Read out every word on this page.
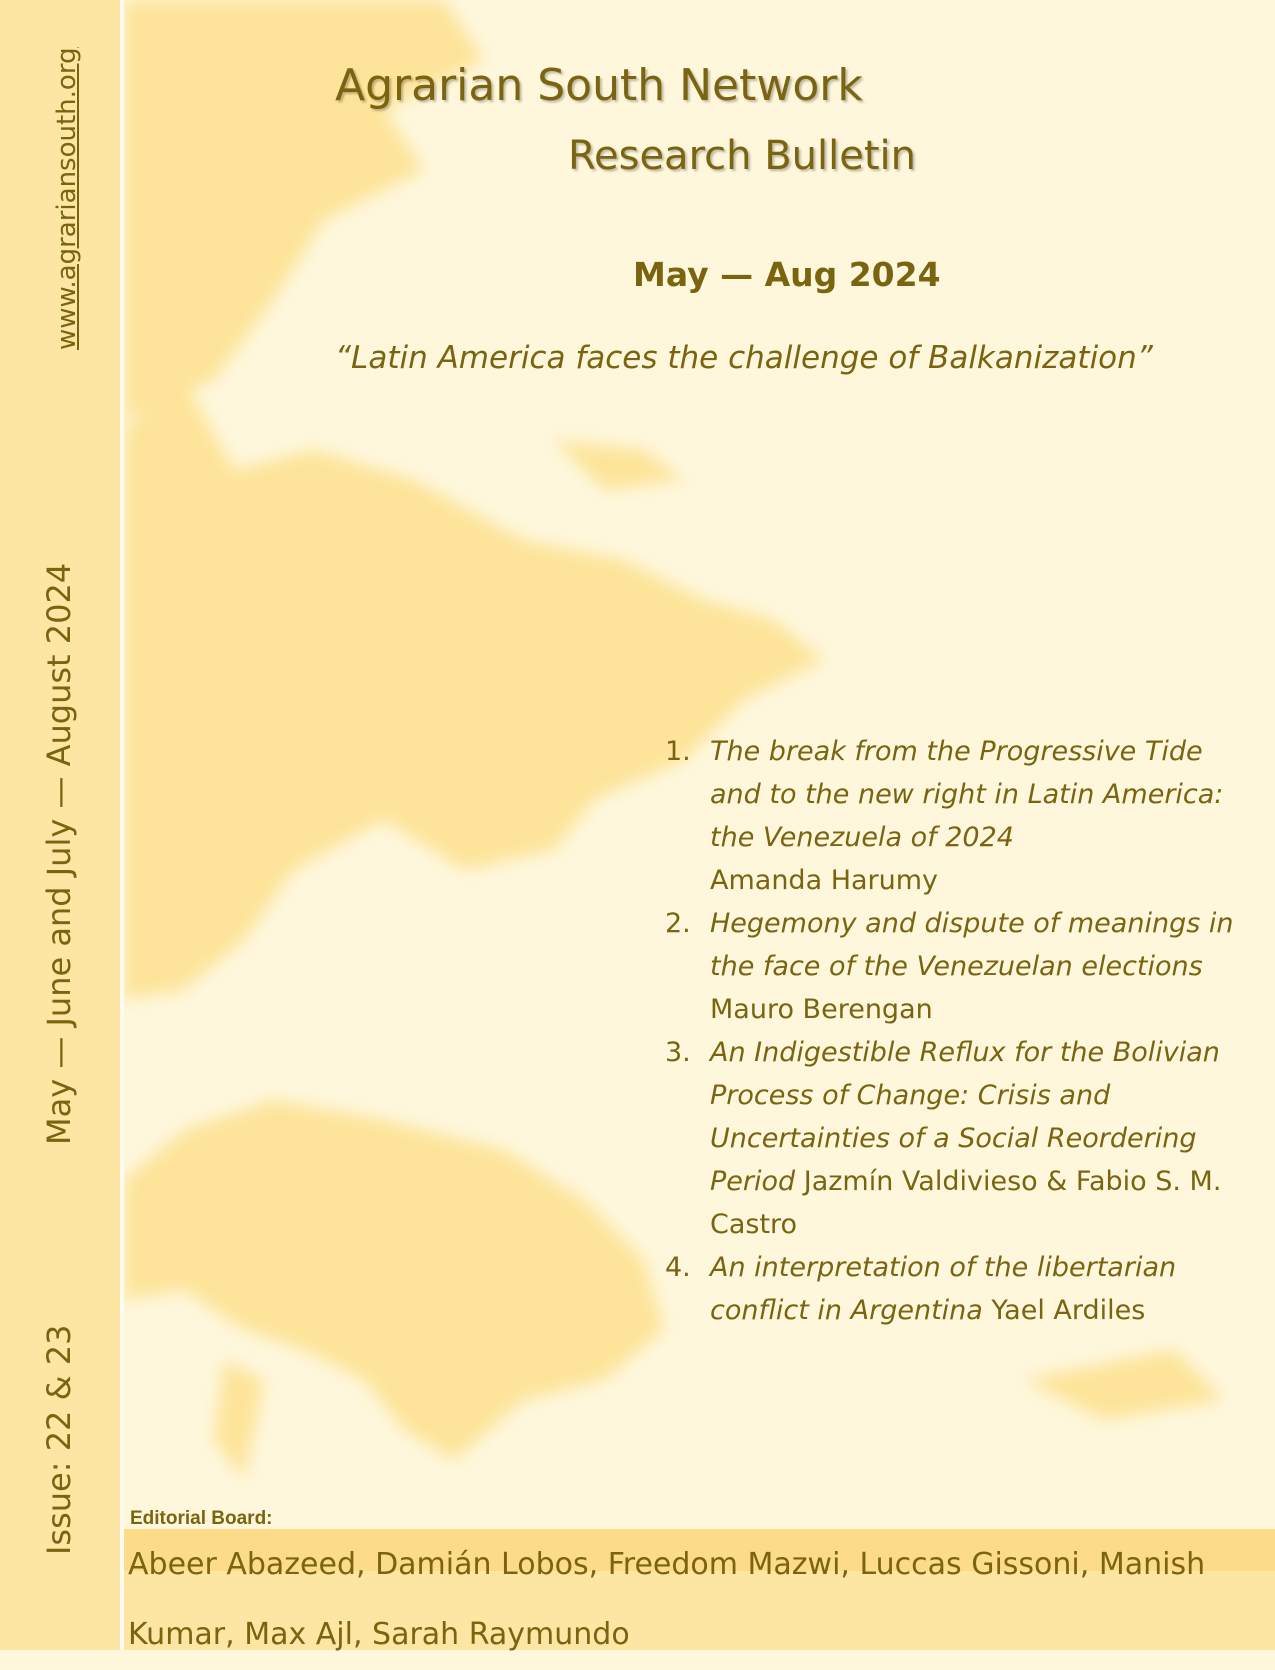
www.agrariansouth.org
May — June and July — August 2024
Issue: 22 & 23
Agrarian South Network
Research Bulletin
May — Aug 2024
“Latin America faces the challenge of Balkanization”
1. The break from the Progressive Tide and to the new right in Latin America: the Venezuela of 2024
Amanda Harumy
2. Hegemony and dispute of meanings in the face of the Venezuelan elections Mauro Berengan
3. An Indigestible Reflux for the Bolivian Process of Change: Crisis and Uncertainties of a Social Reordering Period Jazmín Valdivieso & Fabio S. M. Castro
4. An interpretation of the libertarian conflict in Argentina Yael Ardiles
Editorial Board:
Abeer Abazeed, Damián Lobos, Freedom Mazwi, Luccas Gissoni, Manish Kumar, Max Ajl, Sarah Raymundo
